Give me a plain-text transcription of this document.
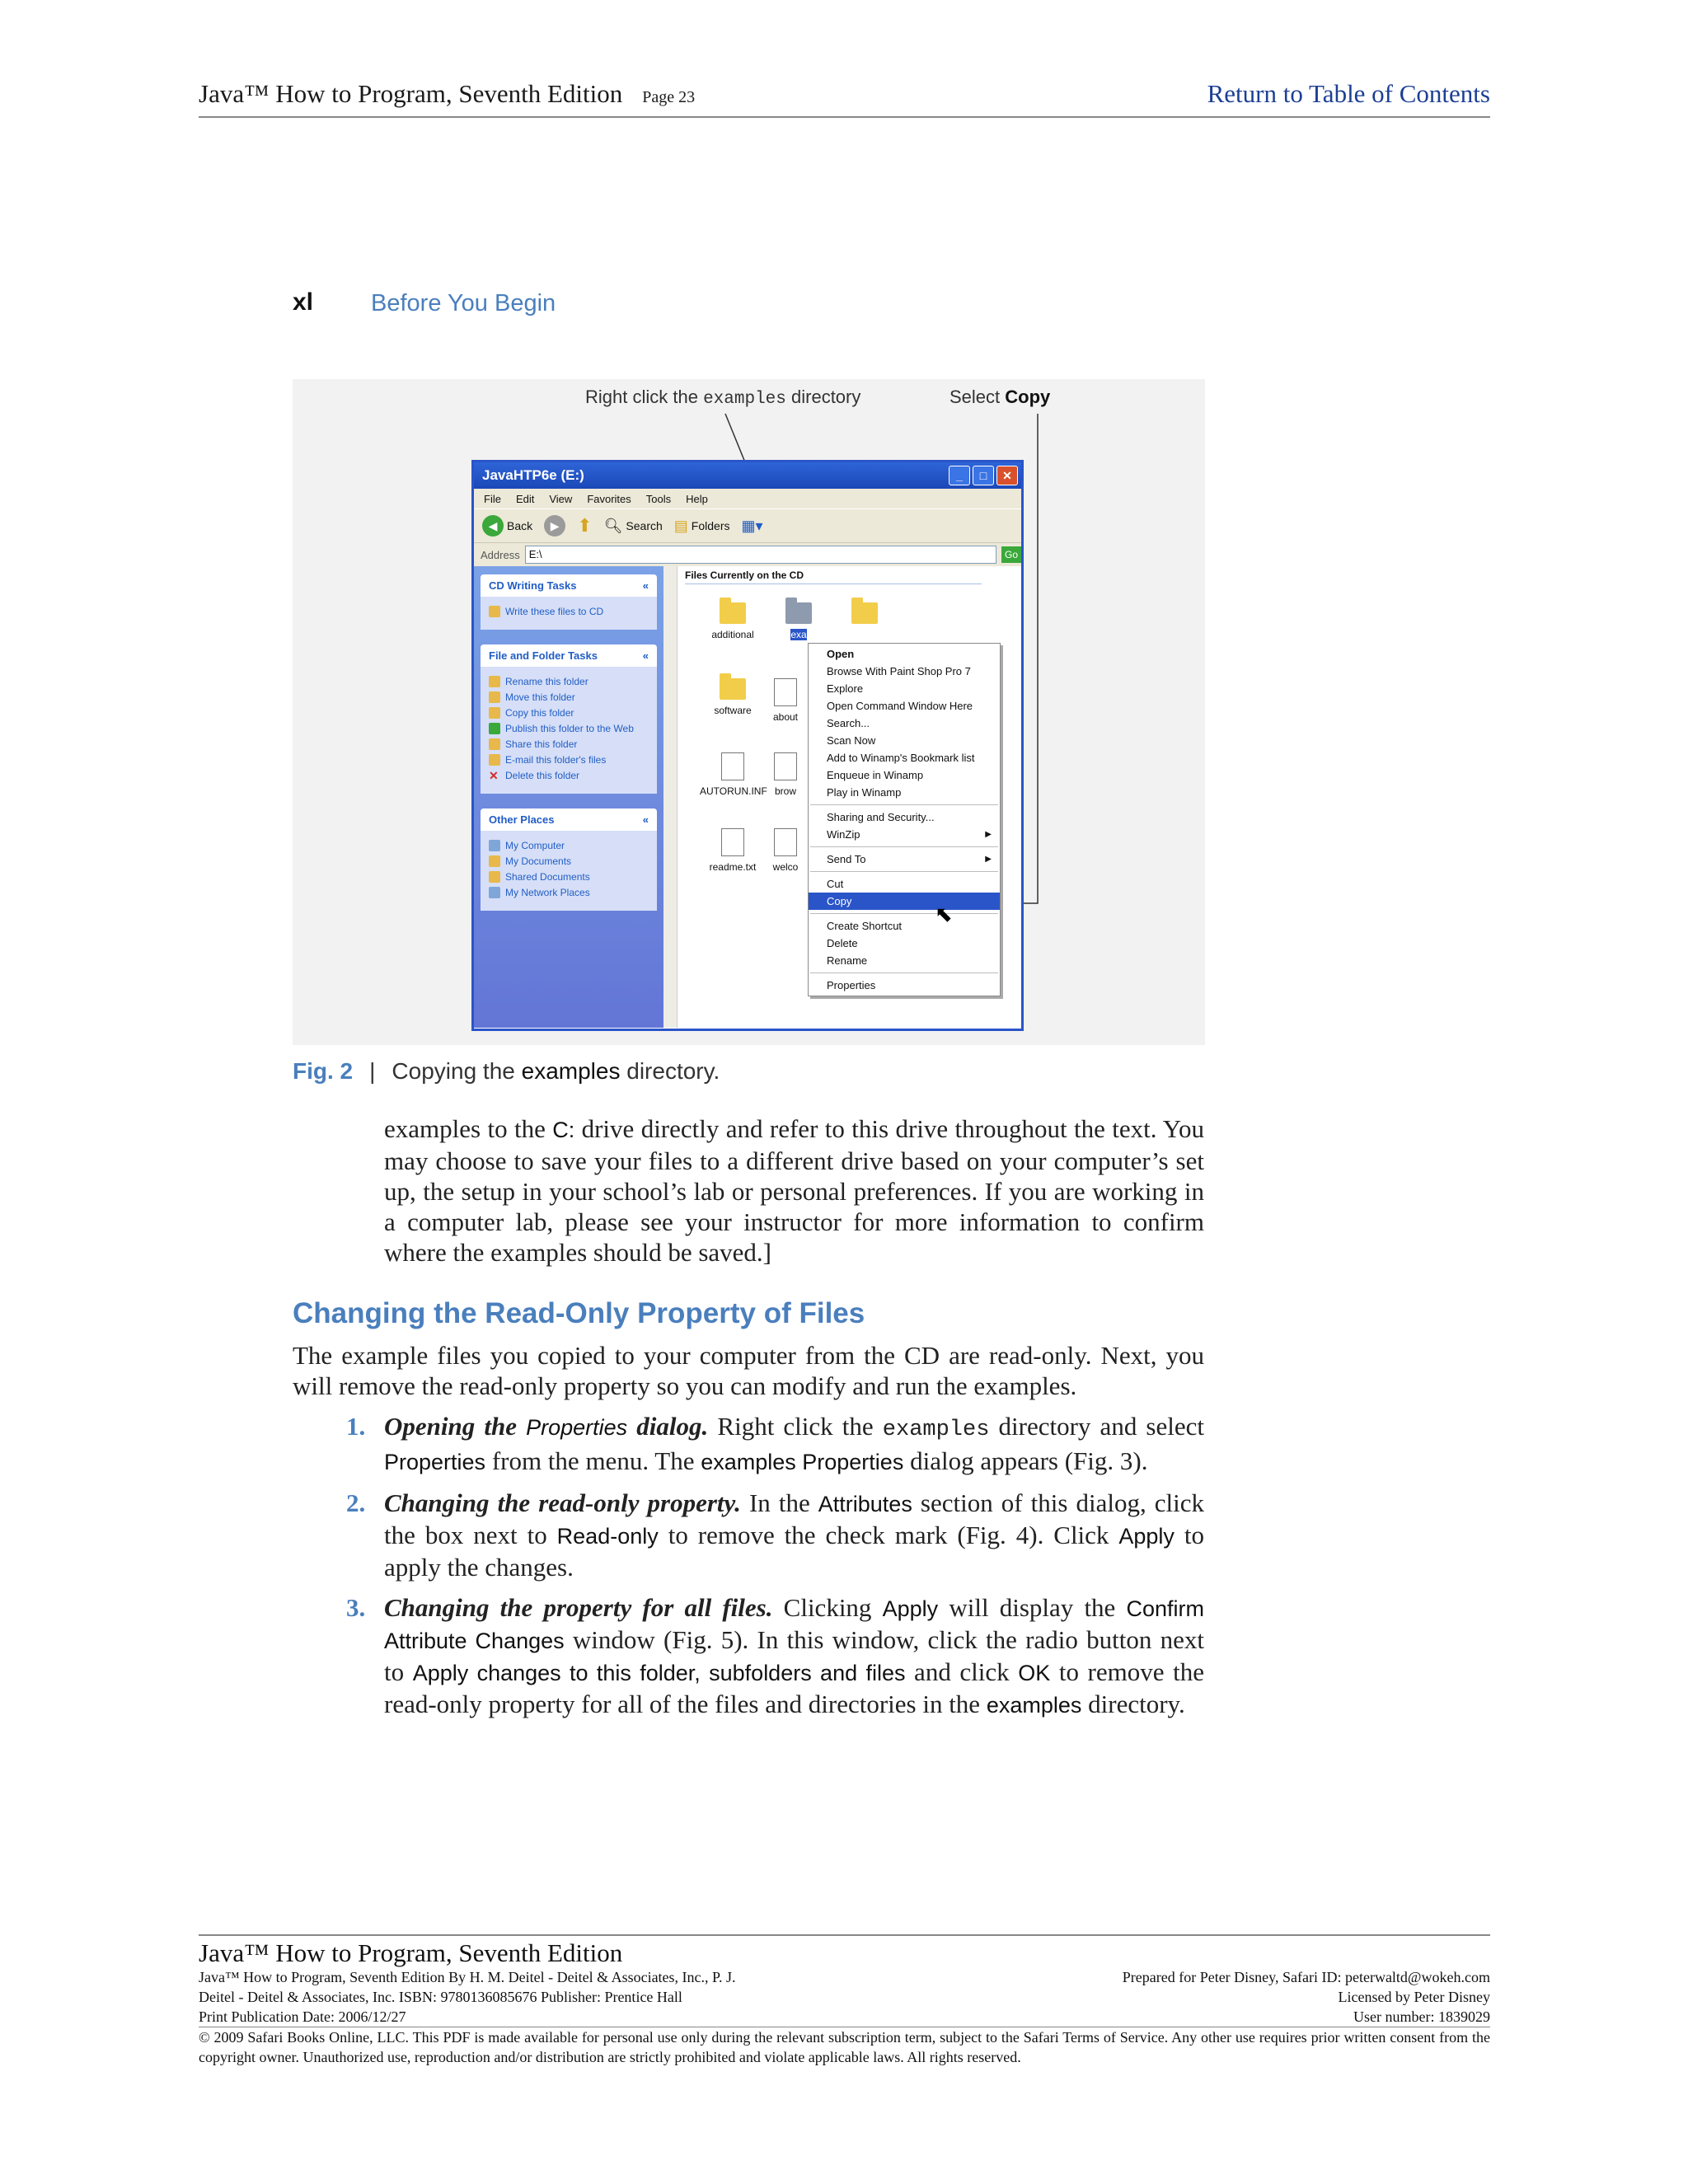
Java™ How to Program, Seventh Edition Page 23	Return to Table of Contents
xl Before You Begin
Right click the examples directory	Select Copy
JavaHTP6e (E:)	_	□	✕
File Edit View Favorites Tools Help
◀ Back	▶ ⬆ 🔍︎ Search ▤ Folders ▦▾
Address E:\	Go
CD Writing Tasks	«
Write these files to CD
File and Folder Tasks	«
Rename this folder
Move this folder
Copy this folder
Publish this folder to the Web
Share this folder
E-mail this folder's files
✕ Delete this folder
Other Places	«
My Computer
My Documents
Shared Documents
My Network Places
Files Currently on the CD
additional	exa
softwаre
about
AUTORUN.INF brow
readme.txt	welco
Open
Browse With Paint Shop Pro 7
Explore
Open Command Window Here
Search...
Scan Now
Add to Winamp's Bookmark list
Enqueue in Winamp
Play in Winamp
Sharing and Security...
WinZip	▶
Send To	▶
Cut
Copy
Create Shortcut
Delete
Rename
Properties
⬉
Fig. 2 | Copying the examples directory.
examples to the C: drive directly and refer to this drive throughout the text. You may choose to save your files to a different drive based on your computer’s set up, the setup in your school’s lab or personal preferences. If you are working in a computer lab, please see your instructor for more information to confirm where the examples should be saved.]
Changing the Read-Only Property of Files
The example files you copied to your computer from the CD are read-only. Next, you will remove the read-only property so you can modify and run the examples.
1. Opening the Properties dialog. Right click the examples directory and select Properties from the menu. The examples Properties dialog appears (Fig. 3).
2. Changing the read-only property. In the Attributes section of this dialog, click the box next to Read-only to remove the check mark (Fig. 4). Click Apply to apply the changes.
3. Changing the property for all files. Clicking Apply will display the Confirm Attribute Changes window (Fig. 5). In this window, click the radio button next to Apply changes to this folder, subfolders and files and click OK to remove the read-only property for all of the files and directories in the examples directory.
Java™ How to Program, Seventh Edition
Java™ How to Program, Seventh Edition By H. M. Deitel - Deitel & Associates, Inc., P. J.
Deitel - Deitel & Associates, Inc. ISBN: 9780136085676 Publisher: Prentice Hall
Print Publication Date: 2006/12/27
Prepared for Peter Disney, Safari ID: peterwaltd@wokeh.com
Licensed by Peter Disney
User number: 1839029
© 2009 Safari Books Online, LLC. This PDF is made available for personal use only during the relevant subscription term, subject to the Safari Terms of Service. Any other use requires prior written consent from the copyright owner. Unauthorized use, reproduction and/or distribution are strictly prohibited and violate applicable laws. All rights reserved.
